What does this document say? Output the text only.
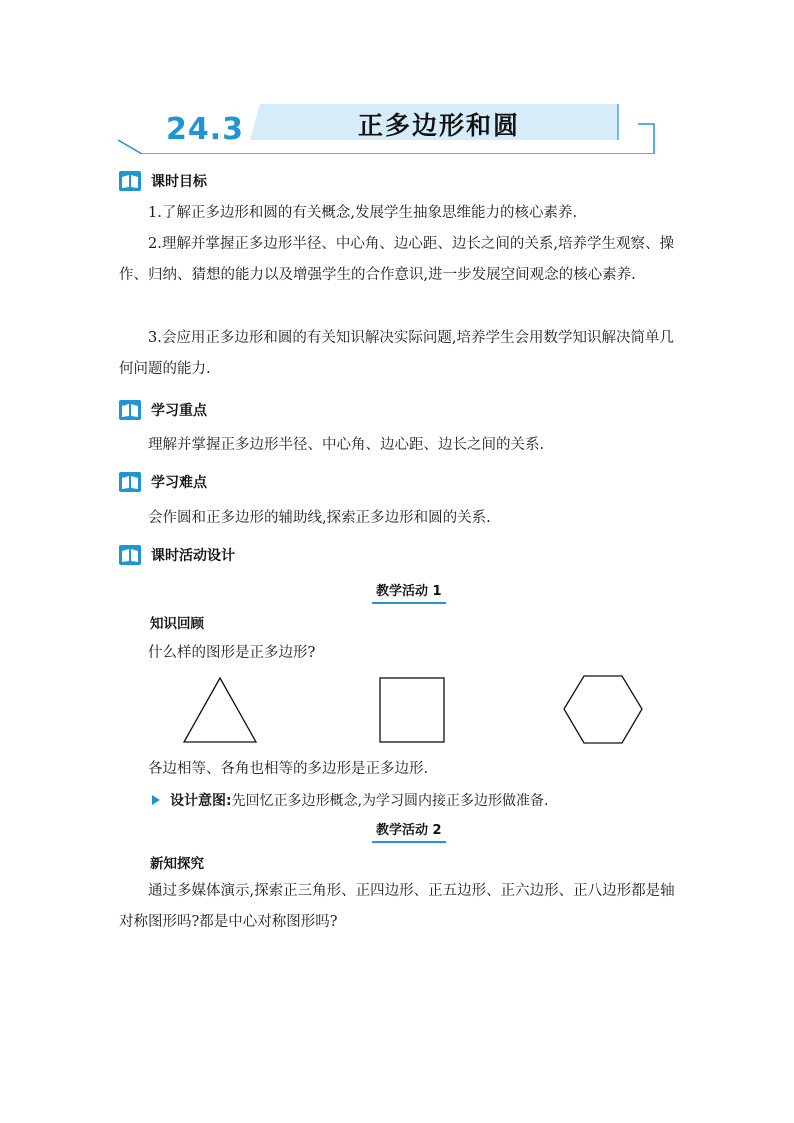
24.3	正多边形和圆
课时目标
1.了解正多边形和圆的有关概念,发展学生抽象思维能力的核心素养.
2.理解并掌握正多边形半径、中心角、边心距、边长之间的关系,培养学生观察、操作、归纳、猜想的能力以及增强学生的合作意识,进一步发展空间观念的核心素养.
3.会应用正多边形和圆的有关知识解决实际问题,培养学生会用数学知识解决简单几何问题的能力.
学习重点
理解并掌握正多边形半径、中心角、边心距、边长之间的关系.
学习难点
会作圆和正多边形的辅助线,探索正多边形和圆的关系.
课时活动设计
教学活动 1
知识回顾
什么样的图形是正多边形?
各边相等、各角也相等的多边形是正多边形.
设计意图: 先回忆正多边形概念,为学习圆内接正多边形做准备.
教学活动 2
新知探究
通过多媒体演示,探索正三角形、正四边形、正五边形、正六边形、正八边形都是轴对称图形吗?都是中心对称图形吗?
